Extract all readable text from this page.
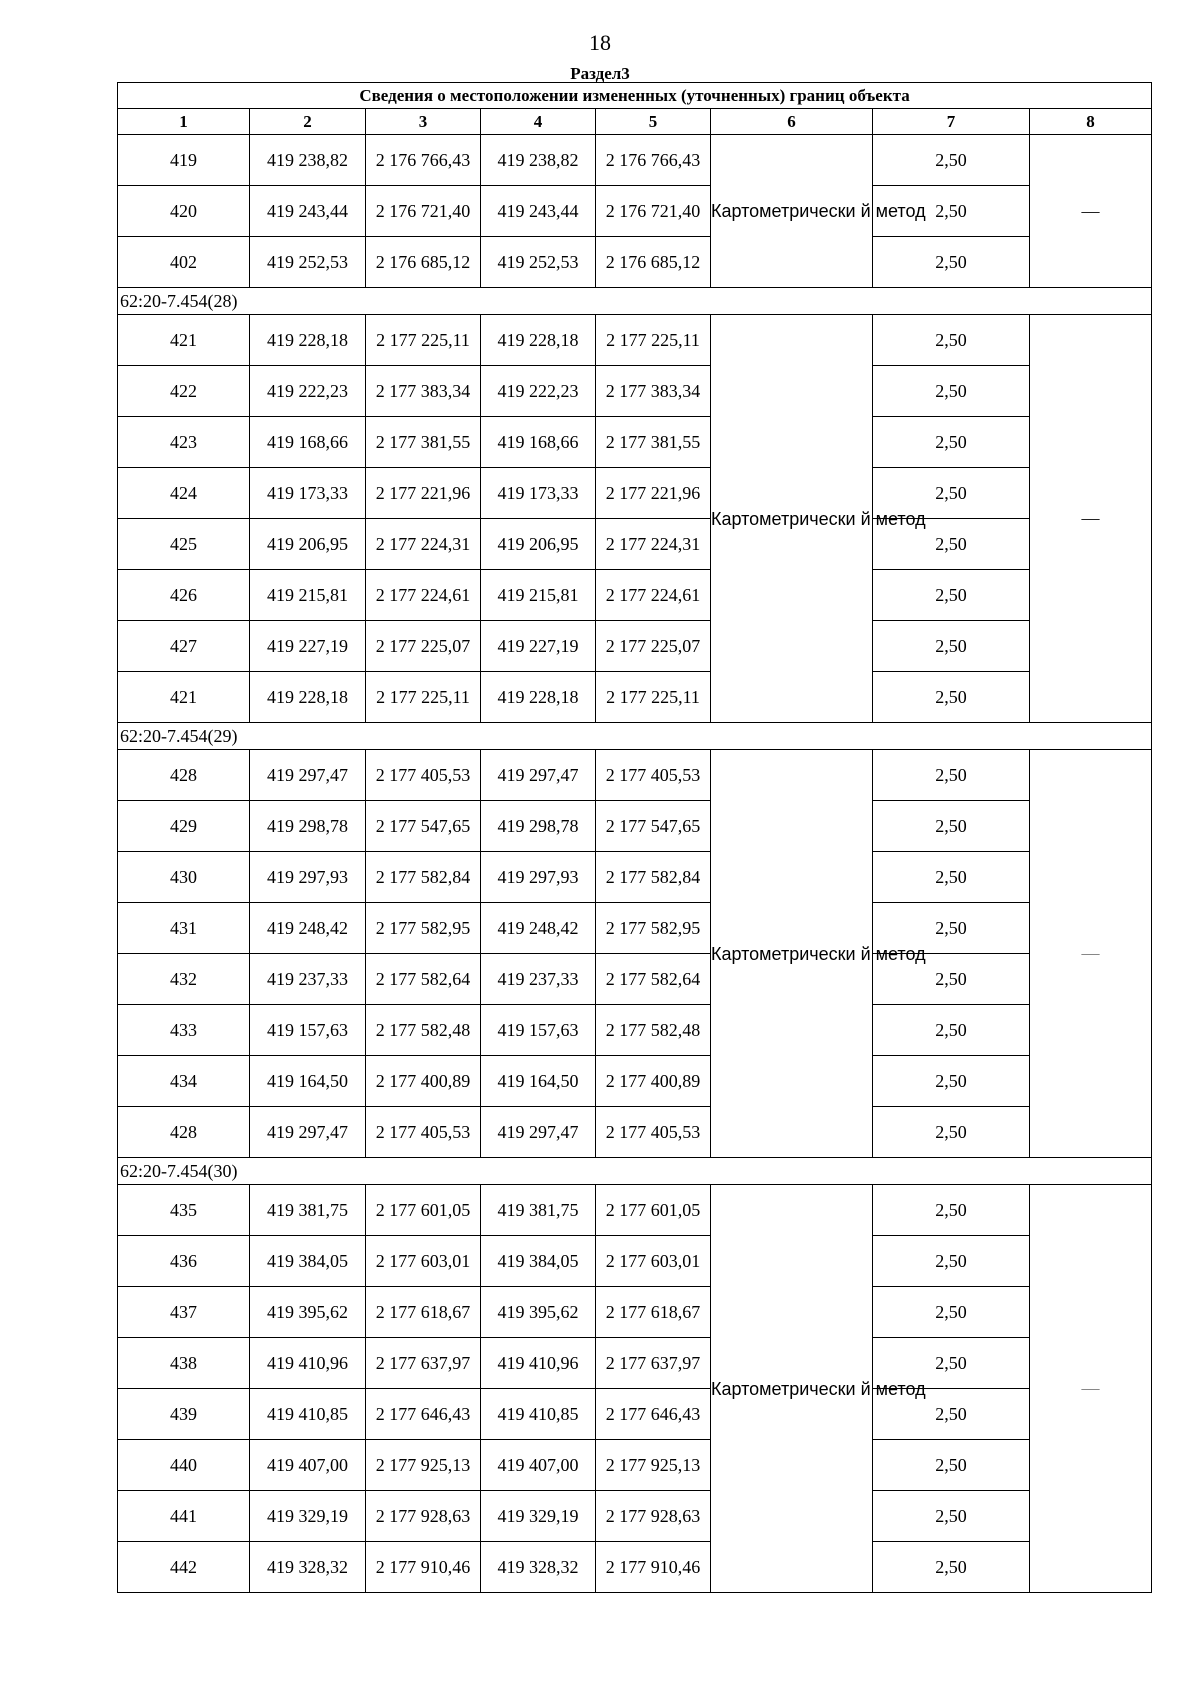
18
Раздел3
Сведения о местоположении измененных (уточненных) границ объекта							
1	2	3	4	5	6	7	8
419	419 238,82	2 176 766,43	419 238,82	2 176 766,43	Картометрически й метод	2,50	—
420	419 243,44	2 176 721,40	419 243,44	2 176 721,40		2,50	
402	419 252,53	2 176 685,12	419 252,53	2 176 685,12		2,50	
62:20-7.454(28)							
421	419 228,18	2 177 225,11	419 228,18	2 177 225,11	Картометрически й метод	2,50	—
422	419 222,23	2 177 383,34	419 222,23	2 177 383,34		2,50	
423	419 168,66	2 177 381,55	419 168,66	2 177 381,55		2,50	
424	419 173,33	2 177 221,96	419 173,33	2 177 221,96		2,50	
425	419 206,95	2 177 224,31	419 206,95	2 177 224,31		2,50	
426	419 215,81	2 177 224,61	419 215,81	2 177 224,61		2,50	
427	419 227,19	2 177 225,07	419 227,19	2 177 225,07		2,50	
421	419 228,18	2 177 225,11	419 228,18	2 177 225,11		2,50	
62:20-7.454(29)							
428	419 297,47	2 177 405,53	419 297,47	2 177 405,53	Картометрически й метод	2,50	—
429	419 298,78	2 177 547,65	419 298,78	2 177 547,65		2,50	
430	419 297,93	2 177 582,84	419 297,93	2 177 582,84		2,50	
431	419 248,42	2 177 582,95	419 248,42	2 177 582,95		2,50	
432	419 237,33	2 177 582,64	419 237,33	2 177 582,64		2,50	
433	419 157,63	2 177 582,48	419 157,63	2 177 582,48		2,50	
434	419 164,50	2 177 400,89	419 164,50	2 177 400,89		2,50	
428	419 297,47	2 177 405,53	419 297,47	2 177 405,53		2,50	
62:20-7.454(30)							
435	419 381,75	2 177 601,05	419 381,75	2 177 601,05	Картометрически й метод	2,50	—
436	419 384,05	2 177 603,01	419 384,05	2 177 603,01		2,50	
437	419 395,62	2 177 618,67	419 395,62	2 177 618,67		2,50	
438	419 410,96	2 177 637,97	419 410,96	2 177 637,97		2,50	
439	419 410,85	2 177 646,43	419 410,85	2 177 646,43		2,50	
440	419 407,00	2 177 925,13	419 407,00	2 177 925,13		2,50	
441	419 329,19	2 177 928,63	419 329,19	2 177 928,63		2,50	
442	419 328,32	2 177 910,46	419 328,32	2 177 910,46		2,50	
